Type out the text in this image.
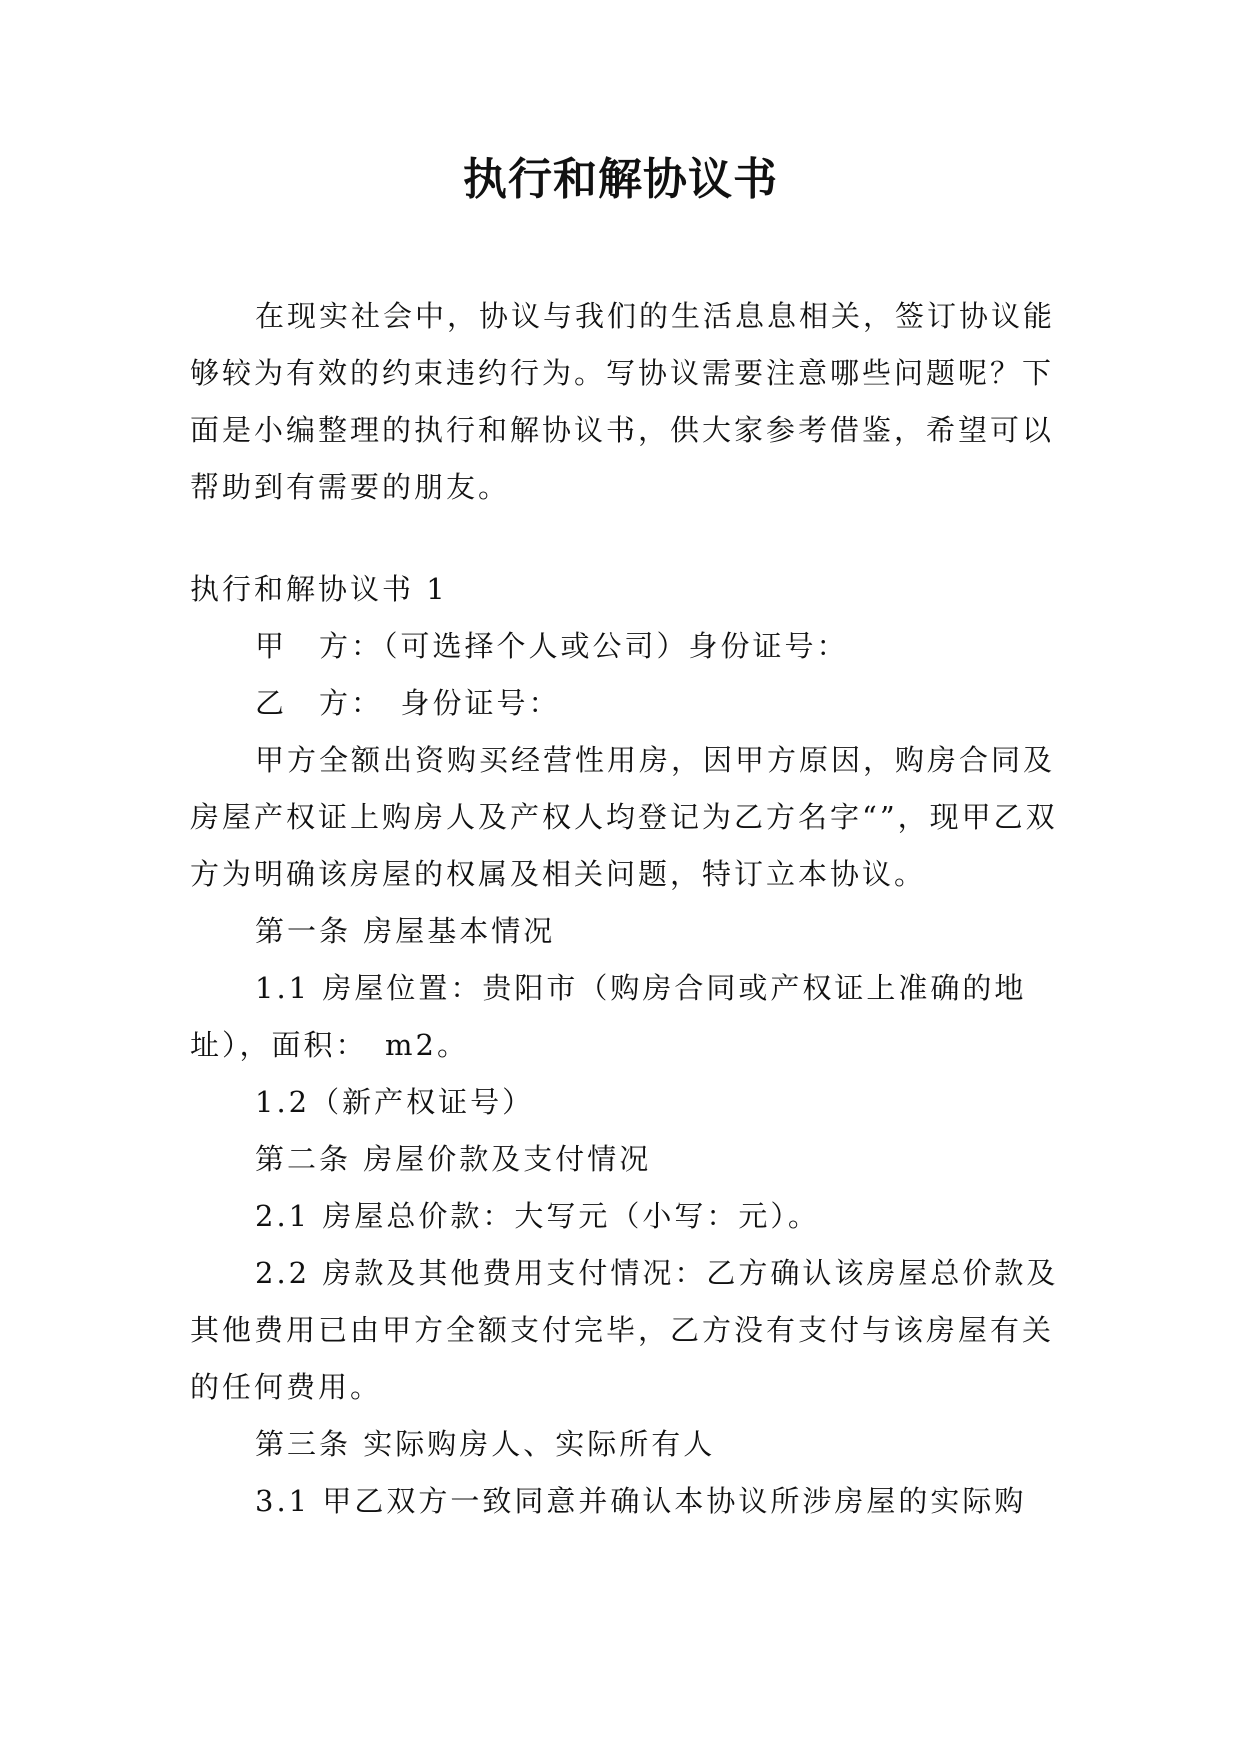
执行和解协议书

在现实社会中，协议与我们的生活息息相关，签订协议能够较为有效的约束违约行为。写协议需要注意哪些问题呢？下面是小编整理的执行和解协议书，供大家参考借鉴，希望可以帮助到有需要的朋友。

执行和解协议书 1

甲　方：（可选择个人或公司）身份证号：

乙　方：　身份证号：

甲方全额出资购买经营性用房，因甲方原因，购房合同及房屋产权证上购房人及产权人均登记为乙方名字“”，现甲乙双方为明确该房屋的权属及相关问题，特订立本协议。

第一条 房屋基本情况

1.1 房屋位置：贵阳市（购房合同或产权证上准确的地址），面积：　m2。

1.2（新产权证号）

第二条 房屋价款及支付情况

2.1 房屋总价款：大写元（小写：元）。

2.2 房款及其他费用支付情况：乙方确认该房屋总价款及其他费用已由甲方全额支付完毕，乙方没有支付与该房屋有关的任何费用。

第三条 实际购房人、实际所有人

3.1 甲乙双方一致同意并确认本协议所涉房屋的实际购
